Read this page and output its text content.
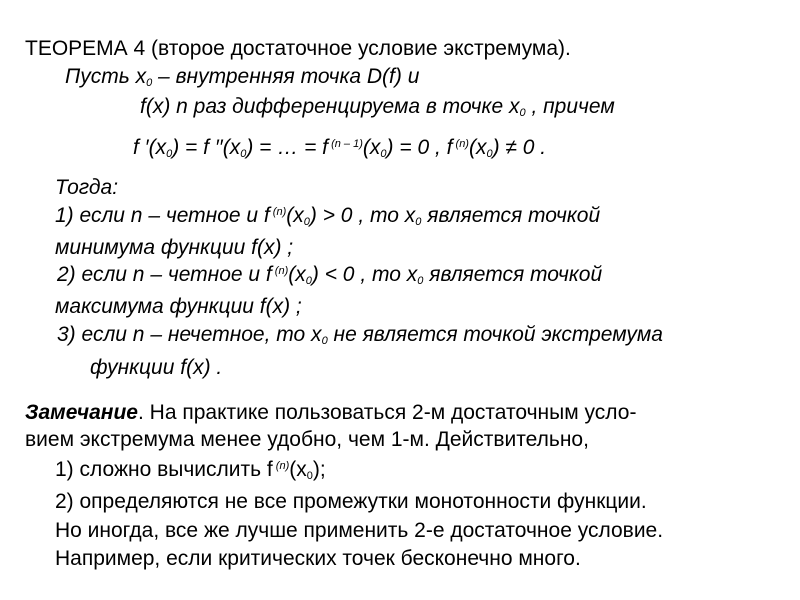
ТЕОРЕМА 4 (второе достаточное условие экстремума).
Пусть $x_0$ – внутренняя точка D(f) и
f(x) n раз дифференцируема в точке $x_0$ , причем
f $'(x_0) = f$ $''(x_0)$ = … = f $^{(n - 1)}(x_0) = 0$ , f $^{(n)}(x_0) \ne 0$ .
Тогда:
1) если n – четное и f $^{(n)}(x_0) > 0$ , то $x_0$ является точкой
минимума функции f(x) ;
2) если n – четное и f $^{(n)}(x_0) < 0$ , то $x_0$ является точкой
максимума функции f(x) ;
3) если n – нечетное, то $x_0$ не является точкой экстремума
функции f(x) .
Замечание. На практике пользоваться 2-м достаточным усло-
вием экстремума менее удобно, чем 1-м. Действительно,
1) сложно вычислить f $^{(n)}(x_0)$;
2) определяются не все промежутки монотонности функции.
Но иногда, все же лучше применить 2-е достаточное условие.
Например, если критических точек бесконечно много.
